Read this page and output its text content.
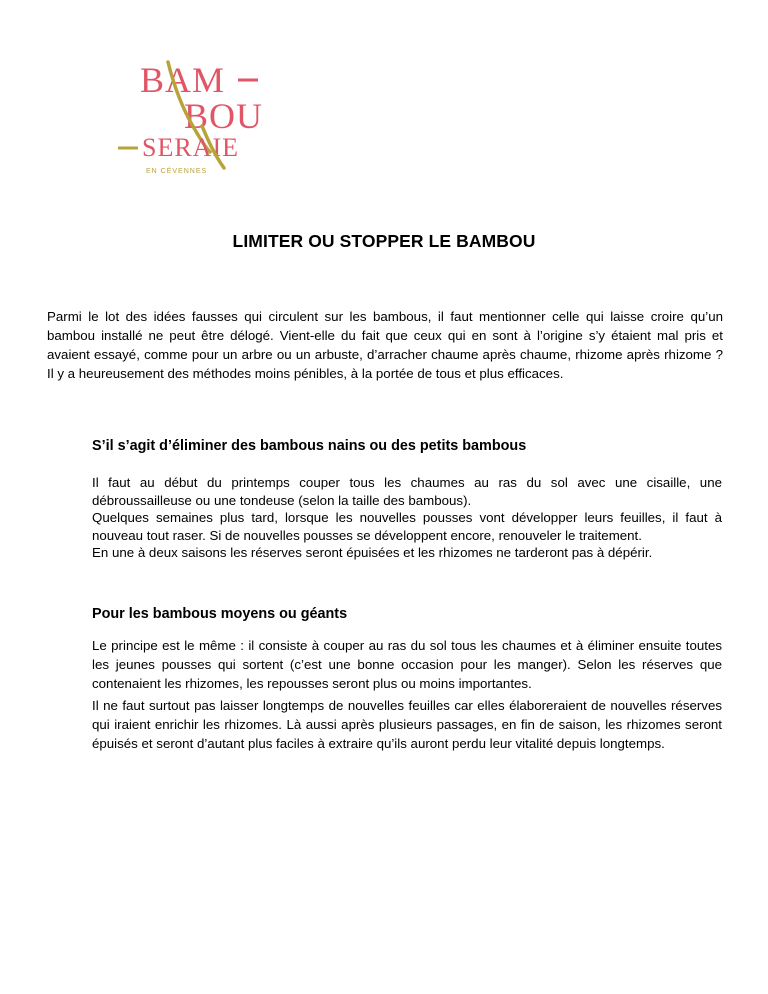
BAM
BOU
SERAIE
EN CÉVENNES
LIMITER OU STOPPER LE BAMBOU

Parmi le lot des idées fausses qui circulent sur les bambous, il faut mentionner celle qui laisse croire qu’un bambou installé ne peut être délogé. Vient-elle du fait que ceux qui en sont à l’origine s’y étaient mal pris et avaient essayé, comme pour un arbre ou un arbuste, d’arracher chaume après chaume, rhizome après rhizome ? Il y a heureusement des méthodes moins pénibles, à la portée de tous et plus efficaces.

S’il s’agit d’éliminer des bambous nains ou des petits bambous

Il faut au début du printemps couper tous les chaumes au ras du sol avec une cisaille, une débroussailleuse ou une tondeuse (selon la taille des bambous).
Quelques semaines plus tard, lorsque les nouvelles pousses vont développer leurs feuilles, il faut à nouveau tout raser. Si de nouvelles pousses se développent encore, renouveler le traitement.
En une à deux saisons les réserves seront épuisées et les rhizomes ne tarderont pas à dépérir.

Pour les bambous moyens ou géants

Le principe est le même : il consiste à couper au ras du sol tous les chaumes et à éliminer ensuite toutes les jeunes pousses qui sortent (c’est une bonne occasion pour les manger). Selon les réserves que contenaient les rhizomes, les repousses seront plus ou moins importantes.

Il ne faut surtout pas laisser longtemps de nouvelles feuilles car elles élaboreraient de nouvelles réserves qui iraient enrichir les rhizomes. Là aussi après plusieurs passages, en fin de saison, les rhizomes seront épuisés et seront d’autant plus faciles à extraire qu’ils auront perdu leur vitalité depuis longtemps.
